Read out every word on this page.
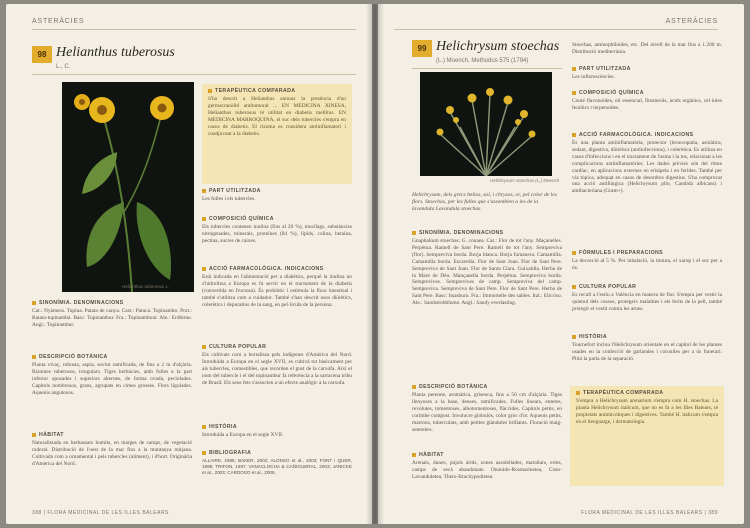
ASTERÀCIES
98 Helianthus tuberosus
L., C.
Helianthus tuberosus L.
TERAPÈUTICA COMPARADA
S'ha descrit a Helianthus annuus la presència d'un germacranòlid antitumoral ... EN MEDICINA XINESA, Helianthus tuberosus té utilitat en diabetis mellitus. EN MEDICINA MARROQUINA, el suc dels tubercles s'empra en casos de diabetis. El rizoma es considera antiinflamatori i coadjuvant a la diabetis.
PART UTILITZADA
Les fulles i els tubercles.
COMPOSICIÓ QUÍMICA
Els tubercles contenen inulina (fins al 20 %), mucílags, substàncies nitrogenades, minerals, proteïnes (84 %), lípids, colina, betaïna, pectina, sucres de caixes.
ACCIÓ FARMACOLÒGICA. INDICACIONS
Està indicada en l'alimentació per a diabètics, perquè la inulina no s'hidrolitza a Europa es fa servir en el tractament de la diabetis (convertida en fructosa). És prebiòtic i estimula la flora intestinal i també s'utilitza com a cuidador. També s'han descrit usos diürètics, colerètics i depuratius de la sang, en pel·lícula de la persona.
CULTURA POPULAR
Els cultivats com a hortalissa pels indígenes d'Amèrica del Nord. Introduïda a Europa en el segle XVII, es cultivà tot bàsicament per als tubercles, comestibles, que recorden el gust de la carxofa. Així el nom del tubercle i el del topinambur fa referència a la sarracena tribu de Brasil. Els seus fets s'associen a un efecte analògic a la carxofa.
HISTÒRIA
Introduïda a Europa en el segle XVII.
BIBLIOGRAFIA
ALLAIRE, 1985; BAKER, 2002; ALONSO et al., 2003; FONT i QUER, 1999; TRIFON, 1997; VANACLOCHA & CAÑIGUERAL, 2003; JANICKE et al., 2003; CARDOSO et al., 2006.
SINONÍMIA. DENOMINACIONS
Cat.: Nyàmera. Tupina. Patata de canya. Cast.: Pataca. Topinambo. Port.: Batata-tupinambá. Basc: Topinambur. Fra.: Topinambour. Ale.: Erdbirne. Angl.: Topinambur.
DESCRIPCIÓ BOTÀNICA
Planta vivaç, robusta, aspra, sovint ramificada, de fins a 2 m d'alçària. Rizomes tuberosos, irregulars. Tiges herbàcies, amb fulles a la part inferior oposades i superiors alternes, de forma ovada, peciolades. Capítols nombrosos, grans, agrupats en cimes grosses. Flors lígulades. Aquenis angulosos.
HÀBITAT
Naturalitzada en herbassars humits, en marges de camps, de vegetació ruderal. Distribució de l'oest de la mar fins a la muntanya mitjana. Cultivada com a ornamental i pels tubercles (aliment), i d'hort. Originària d'Amèrica del Nord.
388 | FLORA MEDICINAL DE LES ILLES BALEARS
ASTERÀCIES
99 Helichrysum stoechas
(L.) Moench, Methodus 575 (1794)
Helichrysum stoechas (L.) Moench
Helichrysum, dels grecs helios, sol, i chrysos, or, pel color de les flors. Stoechas, per les fulles que s'assemblen a les de la lavandula Lavandula stoechas.
SINONÍMIA. DENOMINACIONS
Gnaphalium stoechas: G. conaea. Cat.: Flor de tot l'any. Maçanelles. Perpètua. Ramell de Sant Pere. Ramell de tot l'any. Sempreviva (flor). Sempreviva borda. Borja blanca. Borja fumanera. Camamilla. Camamilla borda. Escaredia. Flor de Sant Joan. Flor de Sant Pere. Sempreviva de Sant Joan. Flor de Santa Clara. Guixaldia. Herba de la Mare de Déu. Mançanella borda. Perpètua. Sempreviva borda. Semprevives. Semprevives de camp. Sempreviva del camp. Sempreviva. Sempreviva de Sant Pere. Flor de Sant Pere. Herba de Sant Pere. Basc: Itsasburu. Fra.: Immortelle des sables. Ital.: Elicriso. Ale.: Sandstrohblume. Angl.: Sandy everlasting.
DESCRIPCIÓ BOTÀNICA
Planta perenne, aromàtica, grisenca, fins a 50 cm d'alçària. Tiges llenyoses a la base, denses, ramificades. Fulles linears, enteres, revolutes, tomentoses, albotomentoses, flàccides. Capítols petits, en corimbe compost. Involucre globulós, color groc d'or. Aquenis petits, marrons, tuberculats, amb petites glàndules brillants. Floració maig-setembre.
HÀBITAT
Arenals, dunes, pujols àrids, zones assolellades, matollars, erms, camps de secà abandonats. Ononido-Rosmarinetea, Cisto-Lavanduletea, Thero-Brachypodietea.
Stoechas, ammophiloides, etc. Del nivell de la mar fins a 1.200 m. Distribució mediterrània.
PART UTILITZADA
Les inflorescències.
COMPOSICIÓ QUÍMICA
Conté flavonoides, oli essencial, fitosterols, àcids orgànics, cèl·lules fenòlics i terpenoides.
ACCIÓ FARMACOLÒGICA. INDICACIONS
És una planta antiinflamatòria, protector (broncopatia, asmàtica, sedant, digestiva, diürètica (antiinfeccions), i colerètica. Es utilitza en casos d'infeccions i en el tractament de l'asma i la tos, relacionat a les complicacions antiinflamatòries. Les dades prèvies són del ritme cardíac, en aplicacions externes en erisipela i en ferides. També per via tòpica, adequat en casos de desordres digestius. S'ha comprovat una acció antifúngica (Helichrysum pllo, Candida albicans) i antibacteriana (Gram+).
FÓRMULES I PREPARACIONS
La decocció al 5 %. Per inhalació, la tintura, el xarop i el suc per a ús.
CULTURA POPULAR
Es recull a l'estiu a València en manera de flor. S'empra per vestir la quietud dels cossos, protegeix malalties i els ferits de la pell, també protegir el vestit contra les arnes.
HISTÒRIA
Tournefort inclou l'Helichrysum orientale en el capítol de les plantes usades en la confecció de garlandes i coroniles per a ús funerari. Plini la parla de la separació.
TERAPÈUTICA COMPARADA
S'empra a Helichrysum arenarium s'empra com H. stoechas. La planta Helichrysum italicum, que no es fa a les Illes Balears, té propietats antimicòtiques i digestives. També H. italicum s'empra en el llenguatge, i dermatologia.
FLORA MEDICINAL DE LES ILLES BALEARS | 389
